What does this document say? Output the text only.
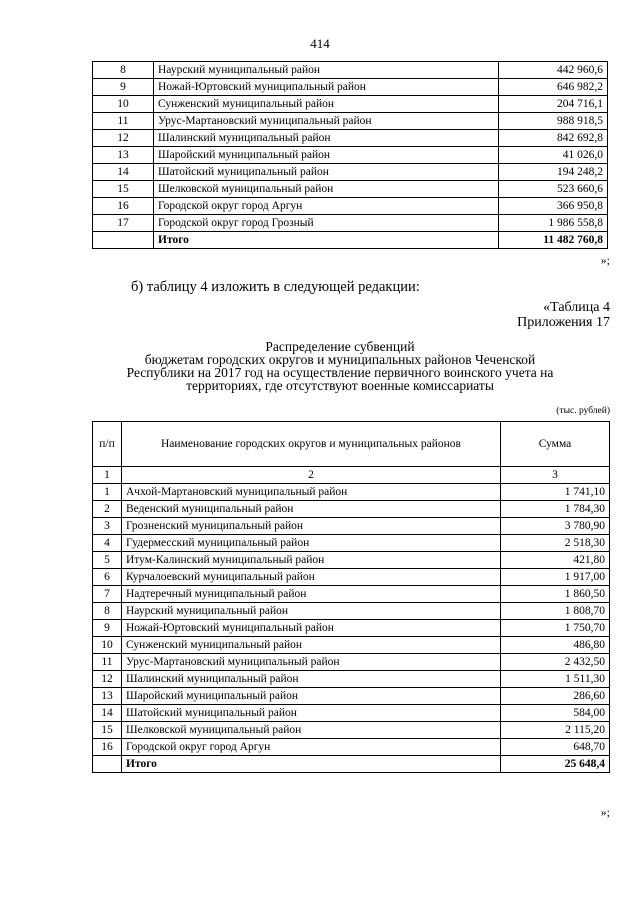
414
8	Наурский муниципальный район	442 960,6
9	Ножай-Юртовский муниципальный район	646 982,2
10	Сунженский муниципальный район	204 716,1
11	Урус-Мартановский муниципальный район	988 918,5
12	Шалинский муниципальный район	842 692,8
13	Шаройский муниципальный район	41 026,0
14	Шатойский муниципальный район	194 248,2
15	Шелковской муниципальный район	523 660,6
16	Городской округ город Аргун	366 950,8
17	Городской округ город Грозный	1 986 558,8
	Итого	11 482 760,8
»;
б) таблицу 4 изложить в следующей редакции:
«Таблица 4
Приложения 17
Распределение субвенций
бюджетам городских округов и муниципальных районов Чеченской
Республики на 2017 год на осуществление первичного воинского учета на
территориях, где отсутствуют военные комиссариаты
(тыс. рублей)
п/п	Наименование городских округов и муниципальных районов	Сумма
1	2	3
1	Ачхой-Мартановский муниципальный район	1 741,10
2	Веденский муниципальный район	1 784,30
3	Грозненский муниципальный район	3 780,90
4	Гудермесский муниципальный район	2 518,30
5	Итум-Калинский муниципальный район	421,80
6	Курчалоевский муниципальный район	1 917,00
7	Надтеречный муниципальный район	1 860,50
8	Наурский муниципальный район	1 808,70
9	Ножай-Юртовский муниципальный район	1 750,70
10	Сунженский муниципальный район	486,80
11	Урус-Мартановский муниципальный район	2 432,50
12	Шалинский муниципальный район	1 511,30
13	Шаройский муниципальный район	286,60
14	Шатойский муниципальный район	584,00
15	Шелковской муниципальный район	2 115,20
16	Городской округ город Аргун	648,70
	Итого	25 648,4
»;
